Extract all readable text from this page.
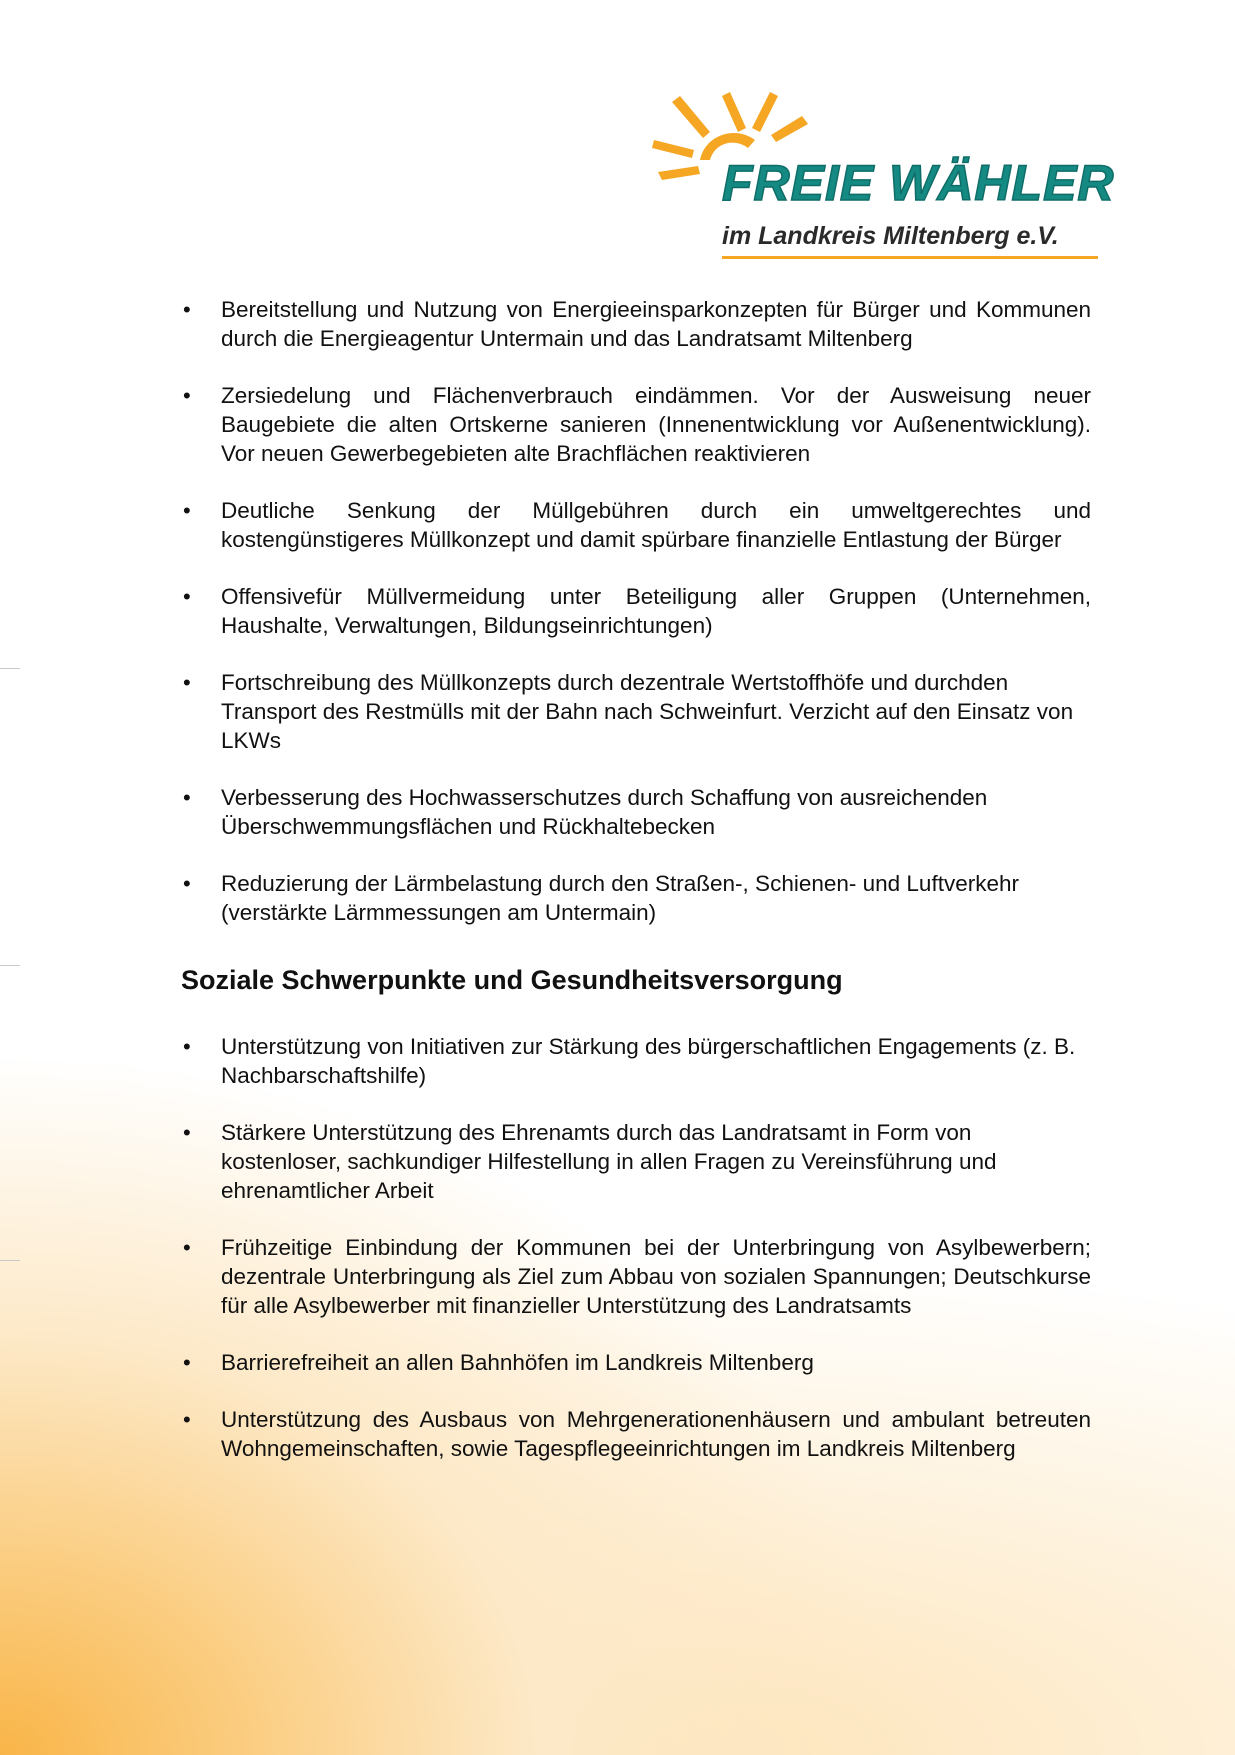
FREIE WÄHLER
im Landkreis Miltenberg e.V.
• Bereitstellung und Nutzung von Energieeinsparkonzepten für Bürger und Kommunen durch die Energieagentur Untermain und das Landratsamt Miltenberg
• Zersiedelung und Flächenverbrauch eindämmen. Vor der Ausweisung neuer Baugebiete die alten Ortskerne sanieren (Innenentwicklung vor Außenentwicklung). Vor neuen Gewerbegebieten alte Brachflächen reaktivieren
• Deutliche Senkung der Müllgebühren durch ein umweltgerechtes und kostengünstigeres Müllkonzept und damit spürbare finanzielle Entlastung der Bürger
• Offensivefür Müllvermeidung unter Beteiligung aller Gruppen (Unternehmen, Haushalte, Verwaltungen, Bildungseinrichtungen)
• Fortschreibung des Müllkonzepts durch dezentrale Wertstoffhöfe und durchden Transport des Restmülls mit der Bahn nach Schweinfurt. Verzicht auf den Einsatz von LKWs
• Verbesserung des Hochwasserschutzes durch Schaffung von ausreichenden Überschwemmungsflächen und Rückhaltebecken
• Reduzierung der Lärmbelastung durch den Straßen-, Schienen- und Luftverkehr (verstärkte Lärmmessungen am Untermain)
Soziale Schwerpunkte und Gesundheitsversorgung
• Unterstützung von Initiativen zur Stärkung des bürgerschaftlichen Engagements (z. B. Nachbarschaftshilfe)
• Stärkere Unterstützung des Ehrenamts durch das Landratsamt in Form von kostenloser, sachkundiger Hilfestellung in allen Fragen zu Vereinsführung und ehrenamtlicher Arbeit
• Frühzeitige Einbindung der Kommunen bei der Unterbringung von Asylbewerbern; dezentrale Unterbringung als Ziel zum Abbau von sozialen Spannungen; Deutschkurse für alle Asylbewerber mit finanzieller Unterstützung des Landratsamts
• Barrierefreiheit an allen Bahnhöfen im Landkreis Miltenberg
• Unterstützung des Ausbaus von Mehrgenerationenhäusern und ambulant betreuten Wohngemeinschaften, sowie Tagespflegeeinrichtungen im Landkreis Miltenberg
